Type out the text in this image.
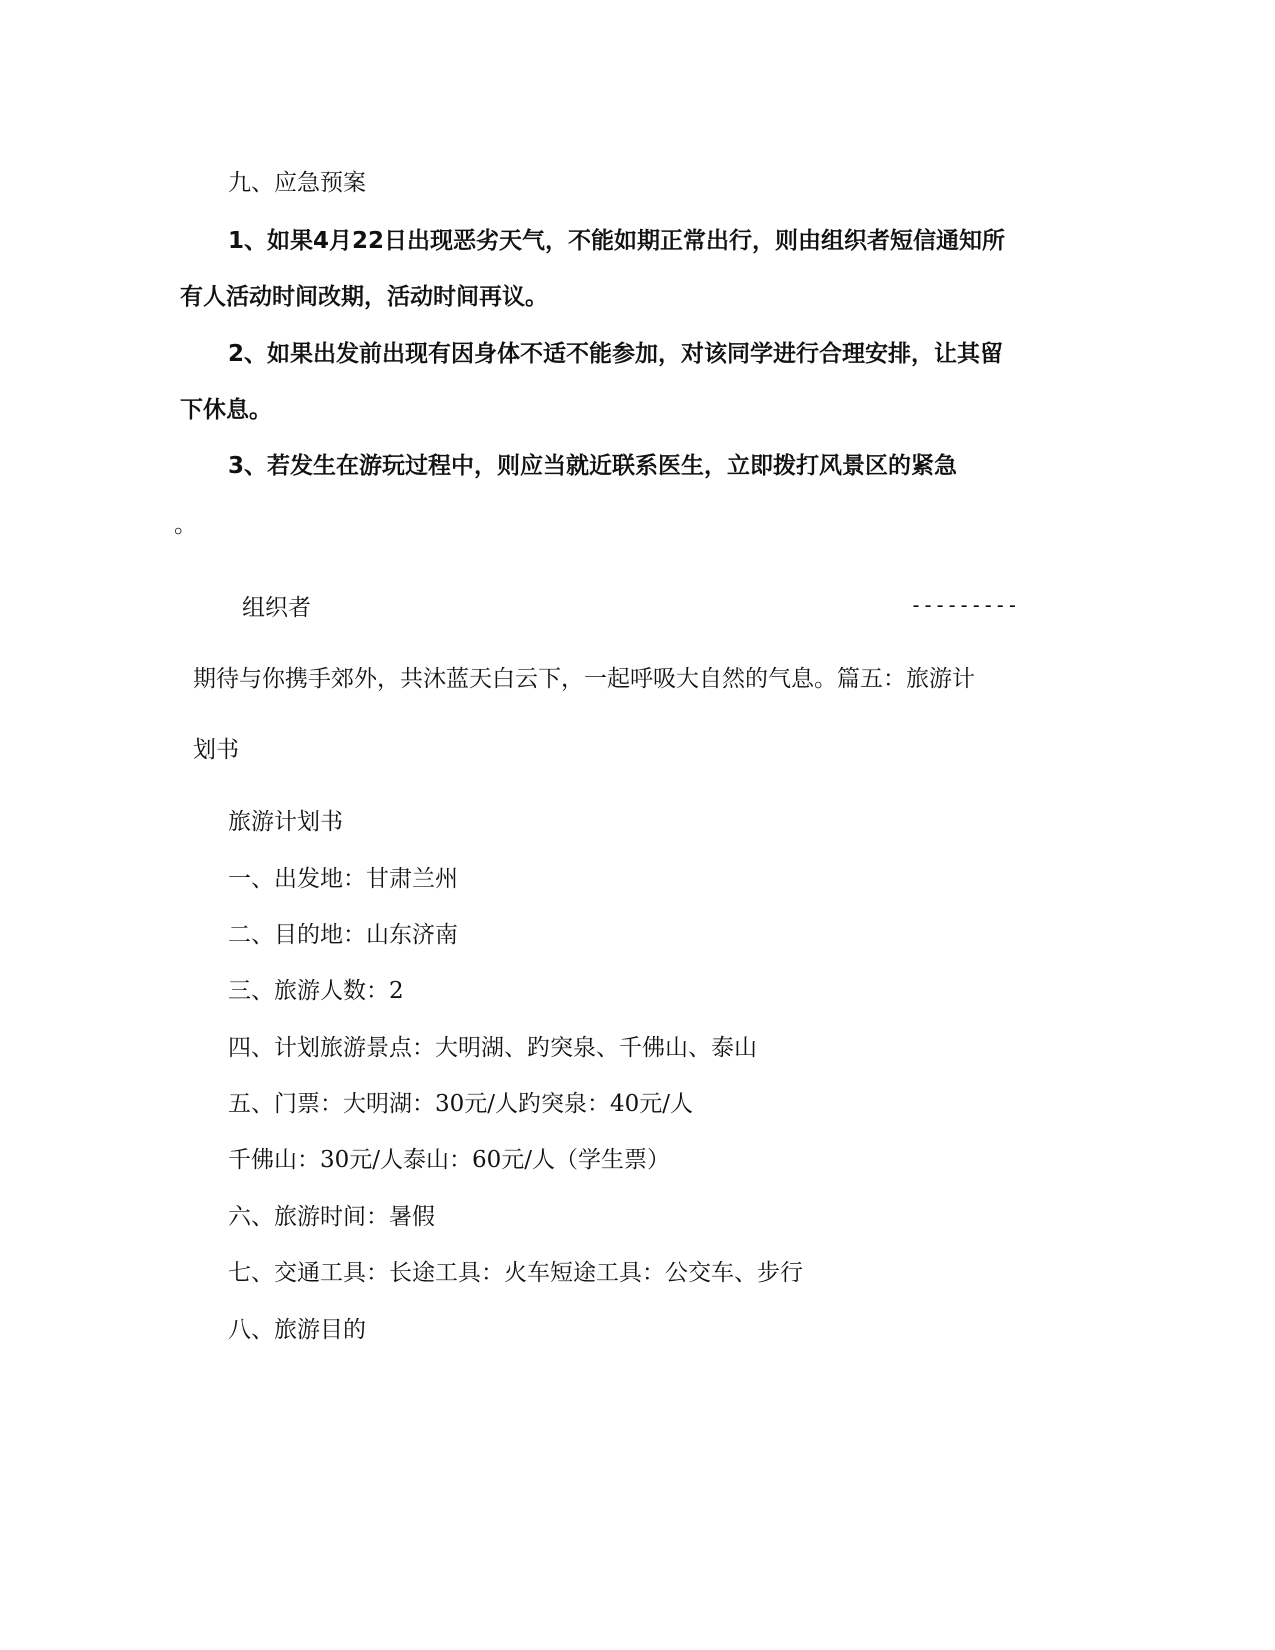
九、应急预案
1、如果4月22日出现恶劣天气，不能如期正常出行，则由组织者短信通知所
有人活动时间改期，活动时间再议。
2、如果出发前出现有因身体不适不能参加，对该同学进行合理安排，让其留
下休息。
3、若发生在游玩过程中，则应当就近联系医生，立即拨打风景区的紧急
。
组织者	---------
期待与你携手郊外，共沐蓝天白云下，一起呼吸大自然的气息。篇五：旅游计
划书
旅游计划书
一、出发地：甘肃兰州
二、目的地：山东济南
三、旅游人数：2
四、计划旅游景点：大明湖、趵突泉、千佛山、泰山
五、门票：大明湖：30元/人趵突泉：40元/人
千佛山：30元/人泰山：60元/人（学生票）
六、旅游时间：暑假
七、交通工具：长途工具：火车短途工具：公交车、步行
八、旅游目的
